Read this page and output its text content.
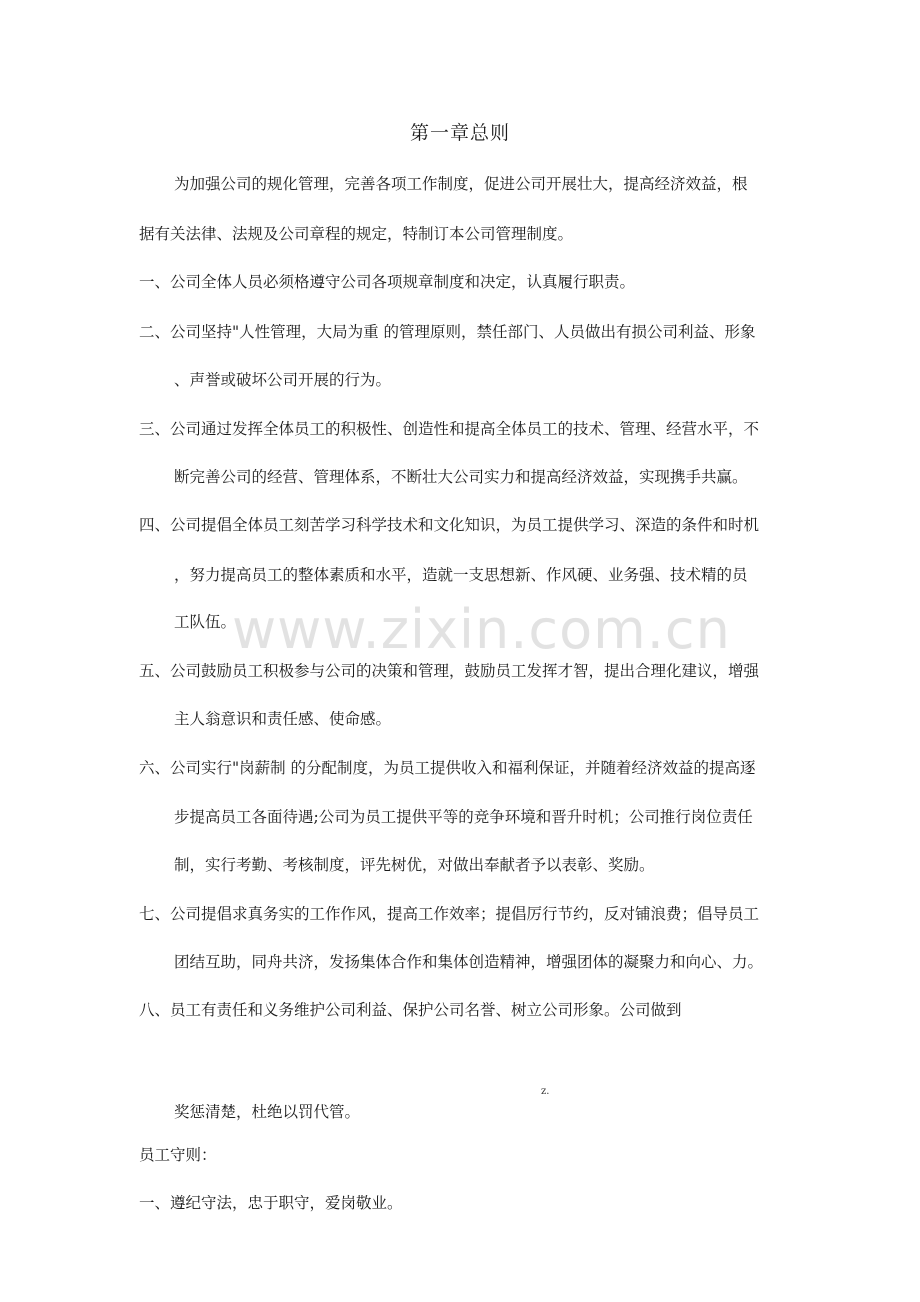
第一章总则
为加强公司的规化管理，完善各项工作制度，促进公司开展壮大，提高经济效益，根
据有关法律、法规及公司章程的规定，特制订本公司管理制度。
一、公司全体人员必须格遵守公司各项规章制度和决定，认真履行职责。
二、公司坚持"人性管理，大局为重 的管理原则，禁任部门、人员做出有损公司利益、形象
、声誉或破坏公司开展的行为。
三、公司通过发挥全体员工的积极性、创造性和提高全体员工的技术、管理、经营水平，不
断完善公司的经营、管理体系，不断壮大公司实力和提高经济效益，实现携手共赢。
四、公司提倡全体员工刻苦学习科学技术和文化知识，为员工提供学习、深造的条件和时机
，努力提高员工的整体素质和水平，造就一支思想新、作风硬、业务强、技术精的员
工队伍。
www.zixin.com.cn
五、公司鼓励员工积极参与公司的决策和管理，鼓励员工发挥才智，提出合理化建议，增强
主人翁意识和责任感、使命感。
六、公司实行"岗薪制 的分配制度，为员工提供收入和福利保证，并随着经济效益的提高逐
步提高员工各面待遇;公司为员工提供平等的竞争环境和晋升时机；公司推行岗位责任
制，实行考勤、考核制度，评先树优，对做出奉献者予以表彰、奖励。
七、公司提倡求真务实的工作作风，提高工作效率；提倡厉行节约，反对铺浪费；倡导员工
团结互助，同舟共济，发扬集体合作和集体创造精神，增强团体的凝聚力和向心、力。
八、员工有责任和义务维护公司利益、保护公司名誉、树立公司形象。公司做到
z.
奖惩清楚，杜绝以罚代管。
员工守则：
一、遵纪守法，忠于职守，爱岗敬业。
